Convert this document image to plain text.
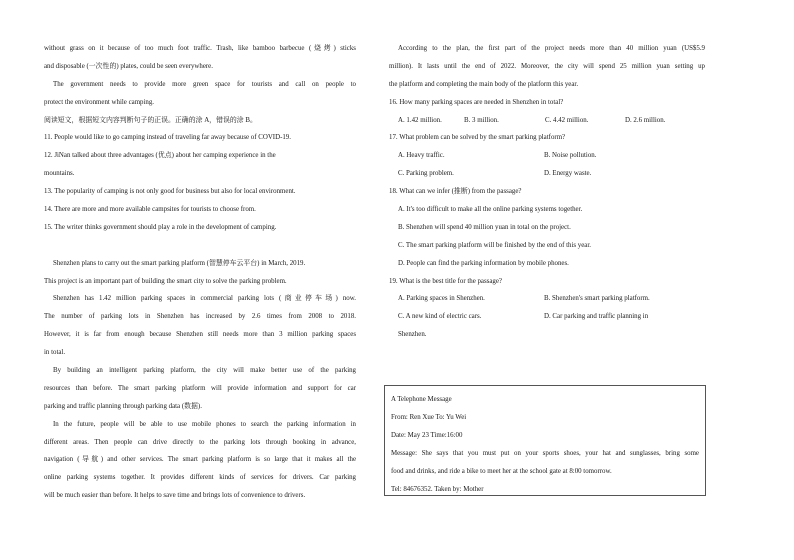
without grass on it because of too much foot traffic. Trash, like bamboo barbecue (烧烤) sticks
and disposable (一次性的) plates, could be seen everywhere.
The government needs to provide more green space for tourists and call on people to
protect the environment while camping.
阅读短文，根据短文内容判断句子的正误。正确的涂 A，错误的涂 B。
11. People would like to go camping instead of traveling far away because of COVID-19.
12. JiNan talked about three advantages (优点) about her camping experience in the
mountains.
13. The popularity of camping is not only good for business but also for local environment.
14. There are more and more available campsites for tourists to choose from.
15. The writer thinks government should play a role in the development of camping.
Shenzhen plans to carry out the smart parking platform (智慧停车云平台) in March, 2019.
This project is an important part of building the smart city to solve the parking problem.
Shenzhen has 1.42 million parking spaces in commercial parking lots (商业停车场) now.
The number of parking lots in Shenzhen has increased by 2.6 times from 2008 to 2018.
However, it is far from enough because Shenzhen still needs more than 3 million parking spaces
in total.
By building an intelligent parking platform, the city will make better use of the parking
resources than before. The smart parking platform will provide information and support for car
parking and traffic planning through parking data (数据).
In the future, people will be able to use mobile phones to search the parking information in
different areas. Then people can drive directly to the parking lots through booking in advance,
navigation (导航) and other services. The smart parking platform is so large that it makes all the
online parking systems together. It provides different kinds of services for drivers. Car parking
will be much easier than before. It helps to save time and brings lots of convenience to drivers.
According to the plan, the first part of the project needs more than 40 million yuan (US$5.9
million). It lasts until the end of 2022. Moreover, the city will spend 25 million yuan setting up
the platform and completing the main body of the platform this year.
16. How many parking spaces are needed in Shenzhen in total?
A. 1.42 million.	B. 3 million.	C. 4.42 million.	D. 2.6 million.
17. What problem can be solved by the smart parking platform?
A. Heavy traffic.	B. Noise pollution.
C. Parking problem.	D. Energy waste.
18. What can we infer (推断) from the passage?
A. It's too difficult to make all the online parking systems together.
B. Shenzhen will spend 40 million yuan in total on the project.
C. The smart parking platform will be finished by the end of this year.
D. People can find the parking information by mobile phones.
19. What is the best title for the passage?
A. Parking spaces in Shenzhen.	B. Shenzhen's smart parking platform.
C. A new kind of electric cars.	D. Car parking and traffic planning in
Shenzhen.
A Telephone Message
From: Ren Xue To: Yu Wei
Date: May 23 Time:16:00
Message: She says that you must put on your sports shoes, your hat and sunglasses, bring some
food and drinks, and ride a bike to meet her at the school gate at 8:00 tomorrow.
Tel: 84676352. Taken by: Mother
